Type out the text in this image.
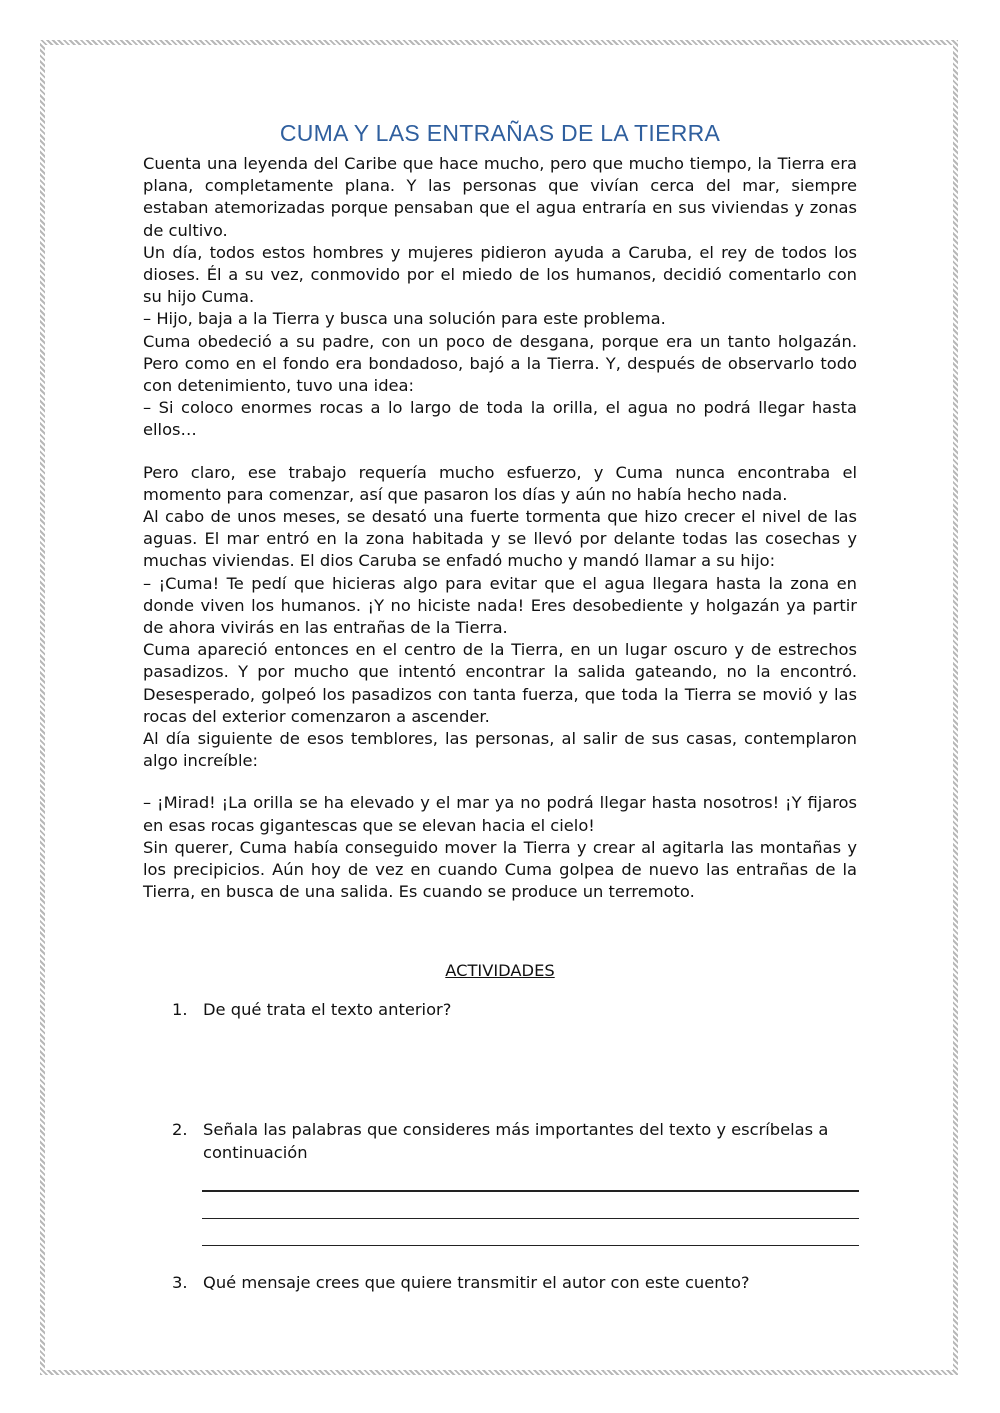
CUMA Y LAS ENTRAÑAS DE LA TIERRA

Cuenta una leyenda del Caribe que hace mucho, pero que mucho tiempo, la Tierra era plana, completamente plana. Y las personas que vivían cerca del mar, siempre estaban atemorizadas porque pensaban que el agua entraría en sus viviendas y zonas de cultivo.

Un día, todos estos hombres y mujeres pidieron ayuda a Caruba, el rey de todos los dioses. Él a su vez, conmovido por el miedo de los humanos, decidió comentarlo con su hijo Cuma.

– Hijo, baja a la Tierra y busca una solución para este problema.

Cuma obedeció a su padre, con un poco de desgana, porque era un tanto holgazán. Pero como en el fondo era bondadoso, bajó a la Tierra. Y, después de observarlo todo con detenimiento, tuvo una idea:

– Si coloco enormes rocas a lo largo de toda la orilla, el agua no podrá llegar hasta ellos…

Pero claro, ese trabajo requería mucho esfuerzo, y Cuma nunca encontraba el momento para comenzar, así que pasaron los días y aún no había hecho nada.

Al cabo de unos meses, se desató una fuerte tormenta que hizo crecer el nivel de las aguas. El mar entró en la zona habitada y se llevó por delante todas las cosechas y muchas viviendas. El dios Caruba se enfadó mucho y mandó llamar a su hijo:

– ¡Cuma! Te pedí que hicieras algo para evitar que el agua llegara hasta la zona en donde viven los humanos. ¡Y no hiciste nada! Eres desobediente y holgazán ya partir de ahora vivirás en las entrañas de la Tierra.

Cuma apareció entonces en el centro de la Tierra, en un lugar oscuro y de estrechos pasadizos. Y por mucho que intentó encontrar la salida gateando, no la encontró. Desesperado, golpeó los pasadizos con tanta fuerza, que toda la Tierra se movió y las rocas del exterior comenzaron a ascender.

Al día siguiente de esos temblores, las personas, al salir de sus casas, contemplaron algo increíble:

– ¡Mirad! ¡La orilla se ha elevado y el mar ya no podrá llegar hasta nosotros! ¡Y fijaros en esas rocas gigantescas que se elevan hacia el cielo!

Sin querer, Cuma había conseguido mover la Tierra y crear al agitarla las montañas y los precipicios. Aún hoy de vez en cuando Cuma golpea de nuevo las entrañas de la Tierra, en busca de una salida. Es cuando se produce un terremoto.

ACTIVIDADES
1. De qué trata el texto anterior?
2. Señala las palabras que consideres más importantes del texto y escríbelas a continuación
3. Qué mensaje crees que quiere transmitir el autor con este cuento?
